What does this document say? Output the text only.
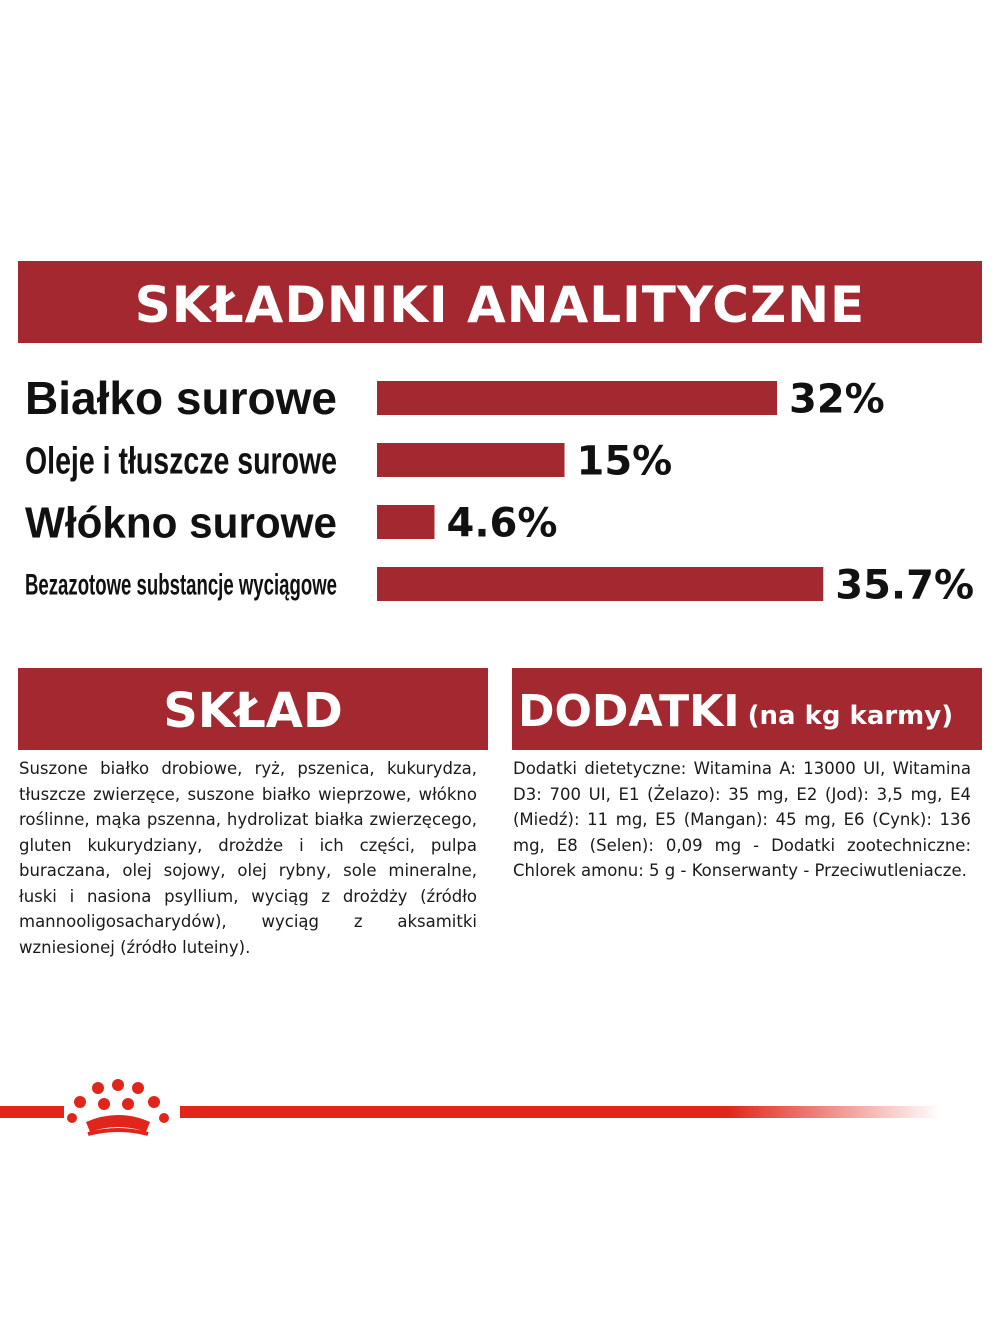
SKŁADNIKI ANALITYCZNE
Białko surowe	32%
Oleje i tłuszcze surowe	15%
Włókno surowe	4.6%
Bezazotowe substancje wyciągowe	35.7%
SKŁAD

Suszone białko drobiowe, ryż, pszenica, kukurydza, tłuszcze zwierzęce, suszone białko wieprzowe, włókno roślinne, mąka pszenna, hydrolizat białka zwierzęcego, gluten kukurydziany, drożdże i ich części, pulpa buraczana, olej sojowy, olej rybny, sole mineralne, łuski i nasiona psyllium, wyciąg z drożdży (źródło mannooligosacharydów), wyciąg z aksamitki wzniesionej (źródło luteiny).

DODATKI (na kg karmy)

Dodatki dietetyczne: Witamina A: 13000 UI, Witamina D3: 700 UI, E1 (Żelazo): 35 mg, E2 (Jod): 3,5 mg, E4 (Miedź): 11 mg, E5 (Mangan): 45 mg, E6 (Cynk): 136 mg, E8 (Selen): 0,09 mg - Dodatki zootechniczne: Chlorek amonu: 5 g - Konserwanty - Przeciwutleniacze.
